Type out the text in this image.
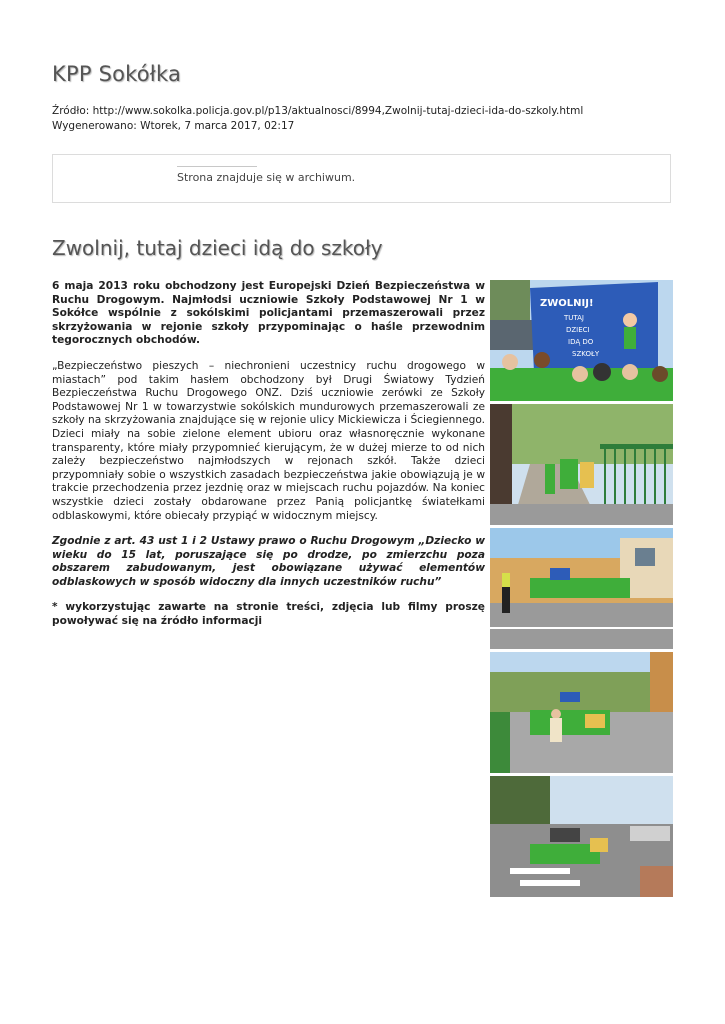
KPP Sokółka
Źródło: http://www.sokolka.policja.gov.pl/p13/aktualnosci/8994,Zwolnij-tutaj-dzieci-ida-do-szkoly.html
Wygenerowano: Wtorek, 7 marca 2017, 02:17
Strona znajduje się w archiwum.
Zwolnij, tutaj dzieci idą do szkoły

6 maja 2013 roku obchodzony jest Europejski Dzień Bezpieczeństwa w Ruchu Drogowym. Najmłodsi uczniowie Szkoły Podstawowej Nr 1 w Sokółce wspólnie z sokólskimi policjantami przemaszerowali przez skrzyżowania w rejonie szkoły przypominając o haśle przewodnim tegorocznych obchodów.

„Bezpieczeństwo pieszych – niechronieni uczestnicy ruchu drogowego w miastach” pod takim hasłem obchodzony był Drugi Światowy Tydzień Bezpieczeństwa Ruchu Drogowego ONZ. Dziś uczniowie zerówki ze Szkoły Podstawowej Nr 1 w towarzystwie sokólskich mundurowych przemaszerowali ze szkoły na skrzyżowania znajdujące się w rejonie ulicy Mickiewicza i Ściegiennego. Dzieci miały na sobie zielone element ubioru oraz własnoręcznie wykonane transparenty, które miały przypomnieć kierującym, że w dużej mierze to od nich zależy bezpieczeństwo najmłodszych w rejonach szkół. Także dzieci przypomniały sobie o wszystkich zasadach bezpieczeństwa jakie obowiązują je w trakcie przechodzenia przez jezdnię oraz w miejscach ruchu pojazdów. Na koniec wszystkie dzieci zostały obdarowane przez Panią policjantkę światełkami odblaskowymi, które obiecały przypiąć w widocznym miejscy.

Zgodnie z art. 43 ust 1 i 2 Ustawy prawo o Ruchu Drogowym „Dziecko w wieku do 15 lat, poruszające się po drodze, po zmierzchu poza obszarem zabudowanym, jest obowiązane używać elementów odblaskowych w sposób widoczny dla innych uczestników ruchu”

* wykorzystując zawarte na stronie treści, zdjęcia lub filmy proszę powoływać się na źródło informacji

ZWOLNIJ!
TUTAJ
DZIECI
IDĄ DO
SZKOŁY
